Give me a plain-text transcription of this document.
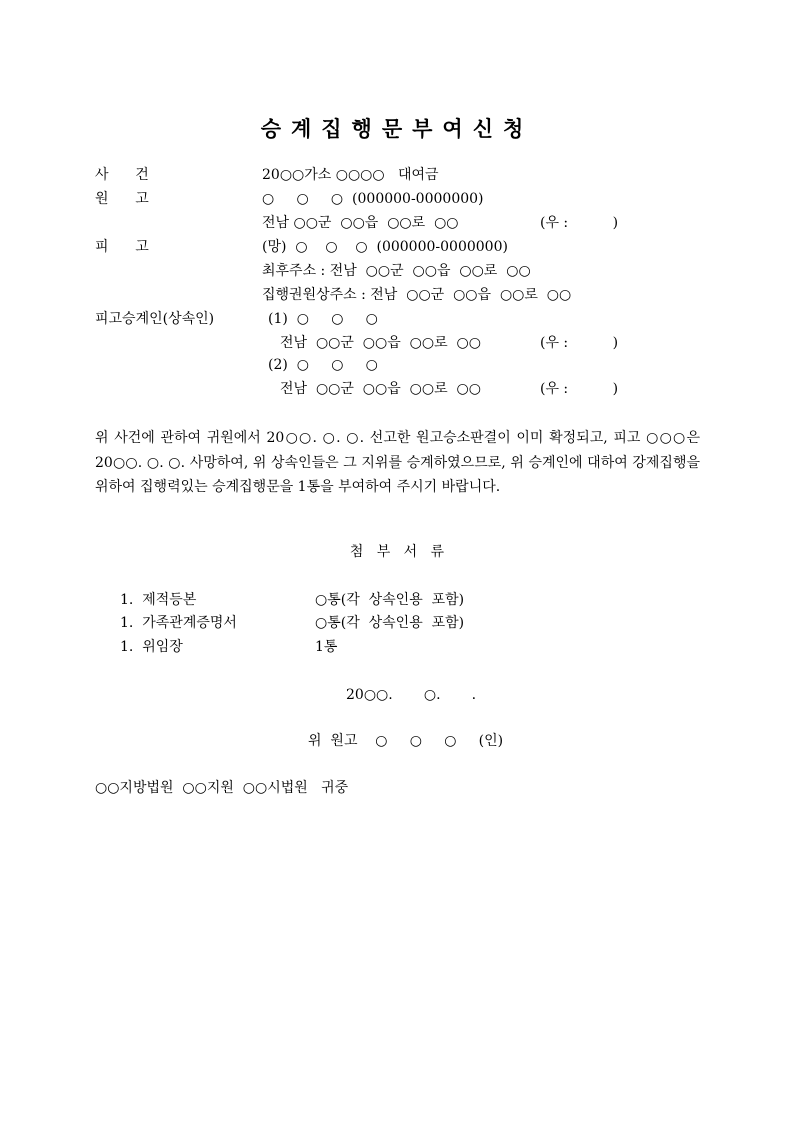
승계집행문부여신청
사      건	20○○가소 ○○○○   대여금
원      고	○     ○     ○  (000000-0000000)
전남 ○○군  ○○읍  ○○로  ○○	(우 :          )
피      고	(망)  ○    ○    ○  (000000-0000000)
최후주소 : 전남  ○○군  ○○읍  ○○로  ○○
집행권원상주소 : 전남  ○○군  ○○읍  ○○로  ○○
피고승계인(상속인)	(1)  ○     ○     ○
전남  ○○군  ○○읍  ○○로  ○○	(우 :          )
(2)  ○     ○     ○
전남  ○○군  ○○읍  ○○로  ○○	(우 :          )
위 사건에 관하여 귀원에서 20○○. ○. ○. 선고한 원고승소판결이 이미 확정되고, 피고 ○○○은 20○○. ○. ○. 사망하여, 위 상속인들은 그 지위를 승계하였으므로, 위 승계인에 대하여 강제집행을 위하여 집행력있는 승계집행문을 1통을 부여하여 주시기 바랍니다.
첨   부   서   류
1.  제적등본	○통(각  상속인용  포함)
1.  가족관계증명서	○통(각  상속인용  포함)
1.  위임장	1통
20○○.       ○.       .
위  원고    ○     ○     ○     (인)
○○지방법원  ○○지원  ○○시법원   귀중
